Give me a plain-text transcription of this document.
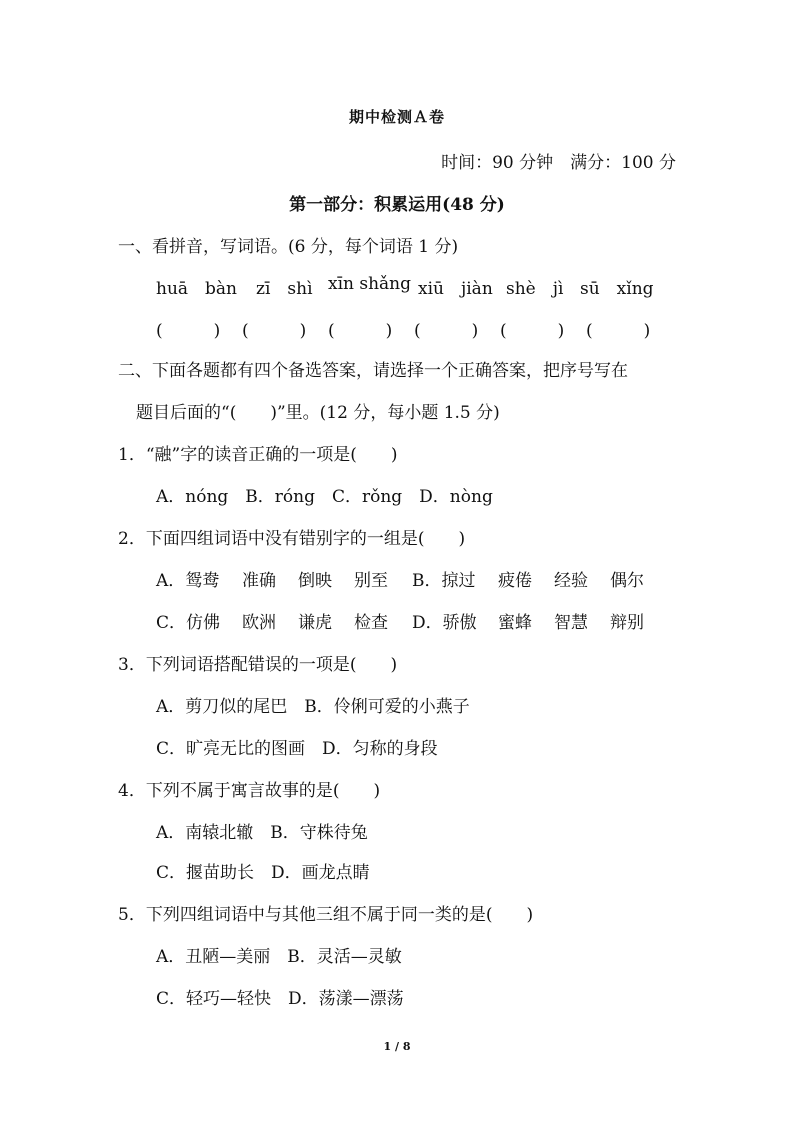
期中检测Ａ卷
时间：90 分钟　满分：100 分
第一部分：积累运用(48 分)
一、看拼音，写词语。(6 分，每个词语 1 分)
huā　bàn zī　shì xīn shǎng xiū　jiàn shè　jì sū　xǐng
(　　　) (　　　) (　　　) (　　　) (　　　) (　　　)
二、下面各题都有四个备选答案，请选择一个正确答案，把序号写在
题目后面的“(　　)”里。(12 分，每小题 1.5 分)
1．“融”字的读音正确的一项是(　　)
A．nóng　B．róng　C．rǒng　D．nòng
2．下面四组词语中没有错别字的一组是(　　)
A．鸳鸯 准确 倒映 别至 B．掠过 疲倦 经验 偶尔
C．仿佛 欧洲 谦虎 检查 D．骄傲 蜜蜂 智慧 辩别
3．下列词语搭配错误的一项是(　　)
A．剪刀似的尾巴　B．伶俐可爱的小燕子
C．旷亮无比的图画　D．匀称的身段
4．下列不属于寓言故事的是(　　)
A．南辕北辙　B．守株待兔
C．揠苗助长　D．画龙点睛
5．下列四组词语中与其他三组不属于同一类的是(　　)
A．丑陋—美丽　B．灵活—灵敏
C．轻巧—轻快　D．荡漾—漂荡
1 / 8
